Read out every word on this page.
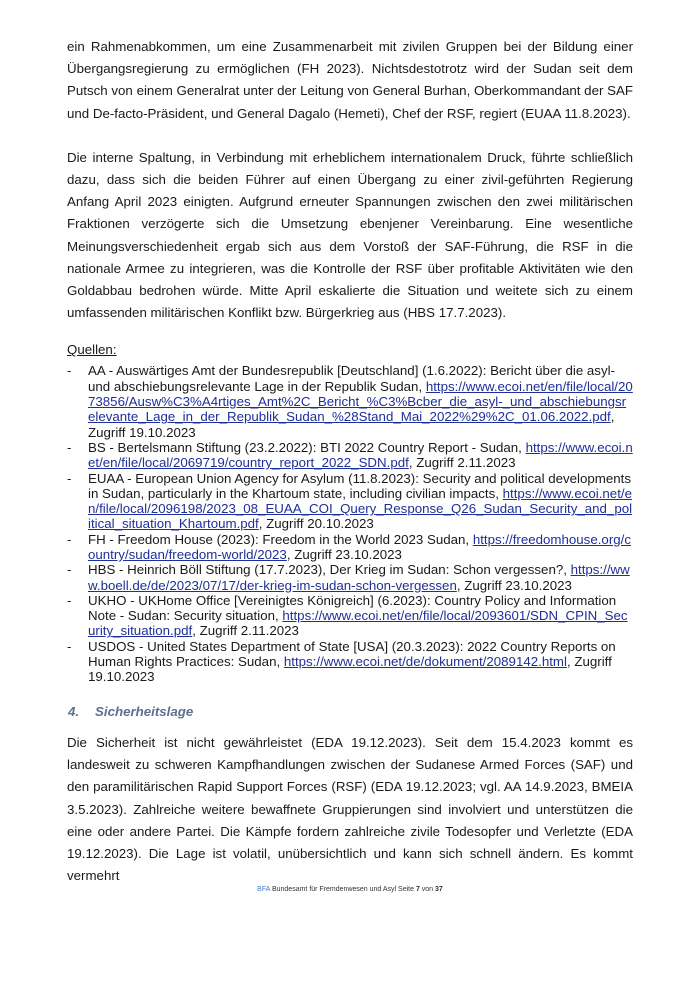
ein Rahmenabkommen, um eine Zusammenarbeit mit zivilen Gruppen bei der Bildung einer Übergangsregierung zu ermöglichen (FH 2023). Nichtsdestotrotz wird der Sudan seit dem Putsch von einem Generalrat unter der Leitung von General Burhan, Oberkommandant der SAF und De-facto-Präsident, und General Dagalo (Hemeti), Chef der RSF, regiert (EUAA 11.8.2023).

Die interne Spaltung, in Verbindung mit erheblichem internationalem Druck, führte schließlich dazu, dass sich die beiden Führer auf einen Übergang zu einer zivil-geführten Regierung Anfang April 2023 einigten. Aufgrund erneuter Spannungen zwischen den zwei militärischen Fraktionen verzögerte sich die Umsetzung ebenjener Vereinbarung. Eine wesentliche Meinungsverschiedenheit ergab sich aus dem Vorstoß der SAF-Führung, die RSF in die nationale Armee zu integrieren, was die Kontrolle der RSF über profitable Aktivitäten wie den Goldabbau bedrohen würde. Mitte April eskalierte die Situation und weitete sich zu einem umfassenden militärischen Konflikt bzw. Bürgerkrieg aus (HBS 17.7.2023).

Quellen:
- AA - Auswärtiges Amt der Bundesrepublik [Deutschland] (1.6.2022): Bericht über die asyl- und abschiebungsrelevante Lage in der Republik Sudan, https://www.ecoi.net/en/file/local/2073856/Ausw%C3%A4rtiges_Amt%2C_Bericht_%C3%Bcber_die_asyl-_und_abschiebungsrelevante_Lage_in_der_Republik_Sudan_%28Stand_Mai_2022%29%2C_01.06.2022.pdf, Zugriff 19.10.2023
- BS - Bertelsmann Stiftung (23.2.2022): BTI 2022 Country Report - Sudan, https://www.ecoi.net/en/file/local/2069719/country_report_2022_SDN.pdf, Zugriff 2.11.2023
- EUAA - European Union Agency for Asylum (11.8.2023): Security and political developments in Sudan, particularly in the Khartoum state, including civilian impacts, https://www.ecoi.net/en/file/local/2096198/2023_08_EUAA_COI_Query_Response_Q26_Sudan_Security_and_political_situation_Khartoum.pdf, Zugriff 20.10.2023
- FH - Freedom House (2023): Freedom in the World 2023 Sudan, https://freedomhouse.org/country/sudan/freedom-world/2023, Zugriff 23.10.2023
- HBS - Heinrich Böll Stiftung (17.7.2023), Der Krieg im Sudan: Schon vergessen?, https://www.boell.de/de/2023/07/17/der-krieg-im-sudan-schon-vergessen, Zugriff 23.10.2023
- UKHO - UKHome Office [Vereinigtes Königreich] (6.2023): Country Policy and Information Note - Sudan: Security situation, https://www.ecoi.net/en/file/local/2093601/SDN_CPIN_Security_situation.pdf, Zugriff 2.11.2023
- USDOS - United States Department of State [USA] (20.3.2023): 2022 Country Reports on Human Rights Practices: Sudan, https://www.ecoi.net/de/dokument/2089142.html, Zugriff 19.10.2023
4. Sicherheitslage

Die Sicherheit ist nicht gewährleistet (EDA 19.12.2023). Seit dem 15.4.2023 kommt es landesweit zu schweren Kampfhandlungen zwischen der Sudanese Armed Forces (SAF) und den paramilitärischen Rapid Support Forces (RSF) (EDA 19.12.2023; vgl. AA 14.9.2023, BMEIA 3.5.2023). Zahlreiche weitere bewaffnete Gruppierungen sind involviert und unterstützen die eine oder andere Partei. Die Kämpfe fordern zahlreiche zivile Todesopfer und Verletzte (EDA 19.12.2023). Die Lage ist volatil, unübersichtlich und kann sich schnell ändern. Es kommt vermehrt

BFA Bundesamt für Fremdenwesen und Asyl Seite 7 von 37
